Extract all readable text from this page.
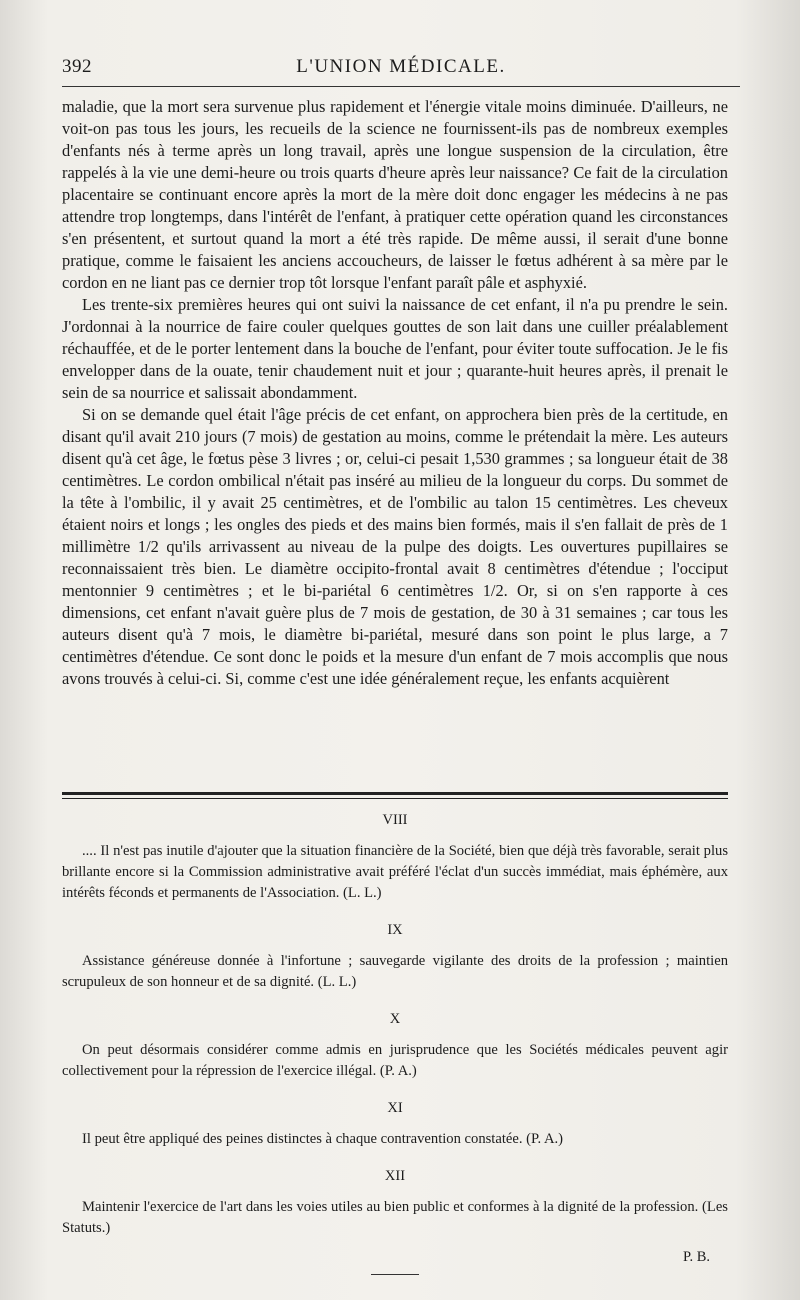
392	L'UNION MÉDICALE.

maladie, que la mort sera survenue plus rapidement et l'énergie vitale moins diminuée. D'ailleurs, ne voit-on pas tous les jours, les recueils de la science ne fournissent-ils pas de nombreux exemples d'enfants nés à terme après un long travail, après une longue suspension de la circulation, être rappelés à la vie une demi-heure ou trois quarts d'heure après leur naissance? Ce fait de la circulation placentaire se continuant encore après la mort de la mère doit donc engager les médecins à ne pas attendre trop longtemps, dans l'intérêt de l'enfant, à pratiquer cette opération quand les circonstances s'en présentent, et surtout quand la mort a été très rapide. De même aussi, il serait d'une bonne pratique, comme le faisaient les anciens accoucheurs, de laisser le fœtus adhérent à sa mère par le cordon en ne liant pas ce dernier trop tôt lorsque l'enfant paraît pâle et asphyxié.

Les trente-six premières heures qui ont suivi la naissance de cet enfant, il n'a pu prendre le sein. J'ordonnai à la nourrice de faire couler quelques gouttes de son lait dans une cuiller préalablement réchauffée, et de le porter lentement dans la bouche de l'enfant, pour éviter toute suffocation. Je le fis envelopper dans de la ouate, tenir chaudement nuit et jour ; quarante-huit heures après, il prenait le sein de sa nourrice et salissait abondamment.

Si on se demande quel était l'âge précis de cet enfant, on approchera bien près de la certitude, en disant qu'il avait 210 jours (7 mois) de gestation au moins, comme le prétendait la mère. Les auteurs disent qu'à cet âge, le fœtus pèse 3 livres ; or, celui-ci pesait 1,530 grammes ; sa longueur était de 38 centimètres. Le cordon ombilical n'était pas inséré au milieu de la longueur du corps. Du sommet de la tête à l'ombilic, il y avait 25 centimètres, et de l'ombilic au talon 15 centimètres. Les cheveux étaient noirs et longs ; les ongles des pieds et des mains bien formés, mais il s'en fallait de près de 1 millimètre 1/2 qu'ils arrivassent au niveau de la pulpe des doigts. Les ouvertures pupillaires se reconnaissaient très bien. Le diamètre occipito-frontal avait 8 centimètres d'étendue ; l'occiput mentonnier 9 centimètres ; et le bi-pariétal 6 centimètres 1/2. Or, si on s'en rapporte à ces dimensions, cet enfant n'avait guère plus de 7 mois de gestation, de 30 à 31 semaines ; car tous les auteurs disent qu'à 7 mois, le diamètre bi-pariétal, mesuré dans son point le plus large, a 7 centimètres d'étendue. Ce sont donc le poids et la mesure d'un enfant de 7 mois accomplis que nous avons trouvés à celui-ci. Si, comme c'est une idée généralement reçue, les enfants acquièrent

VIII

.... Il n'est pas inutile d'ajouter que la situation financière de la Société, bien que déjà très favorable, serait plus brillante encore si la Commission administrative avait préféré l'éclat d'un succès immédiat, mais éphémère, aux intérêts féconds et permanents de l'Association. (L. L.)

IX

Assistance généreuse donnée à l'infortune ; sauvegarde vigilante des droits de la profession ; maintien scrupuleux de son honneur et de sa dignité. (L. L.)

X

On peut désormais considérer comme admis en jurisprudence que les Sociétés médicales peuvent agir collectivement pour la répression de l'exercice illégal. (P. A.)

XI

Il peut être appliqué des peines distinctes à chaque contravention constatée. (P. A.)

XII

Maintenir l'exercice de l'art dans les voies utiles au bien public et conformes à la dignité de la profession. (Les Statuts.)

P. B.
